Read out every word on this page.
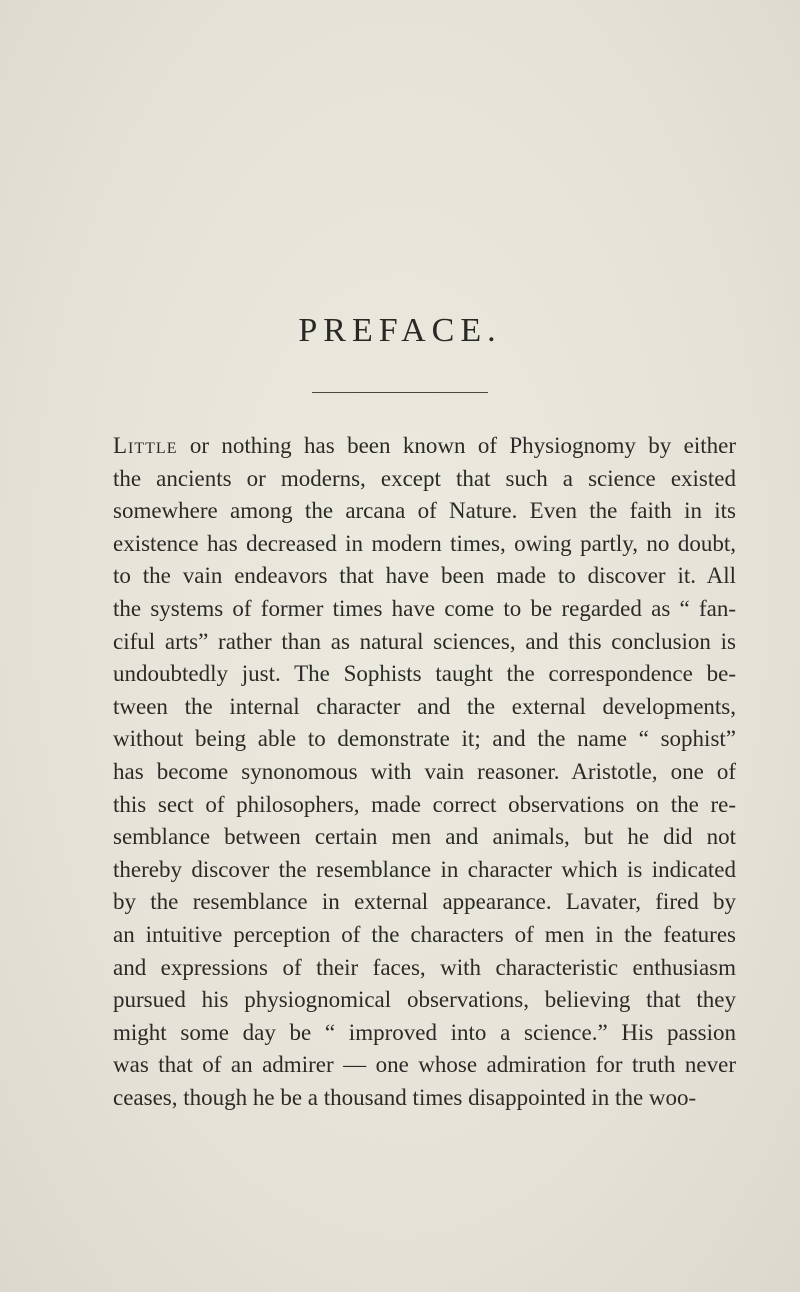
PREFACE.
Little or nothing has been known of Physiognomy by either
the ancients or moderns, except that such a science existed
somewhere among the arcana of Nature. Even the faith in its
existence has decreased in modern times, owing partly, no doubt,
to the vain endeavors that have been made to discover it. All
the systems of former times have come to be regarded as “ fan-
ciful arts” rather than as natural sciences, and this conclusion is
undoubtedly just. The Sophists taught the correspondence be-
tween the internal character and the external developments,
without being able to demonstrate it; and the name “ sophist”
has become synonomous with vain reasoner. Aristotle, one of
this sect of philosophers, made correct observations on the re-
semblance between certain men and animals, but he did not
thereby discover the resemblance in character which is indicated
by the resemblance in external appearance. Lavater, fired by
an intuitive perception of the characters of men in the features
and expressions of their faces, with characteristic enthusiasm
pursued his physiognomical observations, believing that they
might some day be “ improved into a science.” His passion
was that of an admirer — one whose admiration for truth never
ceases, though he be a thousand times disappointed in the woo-
